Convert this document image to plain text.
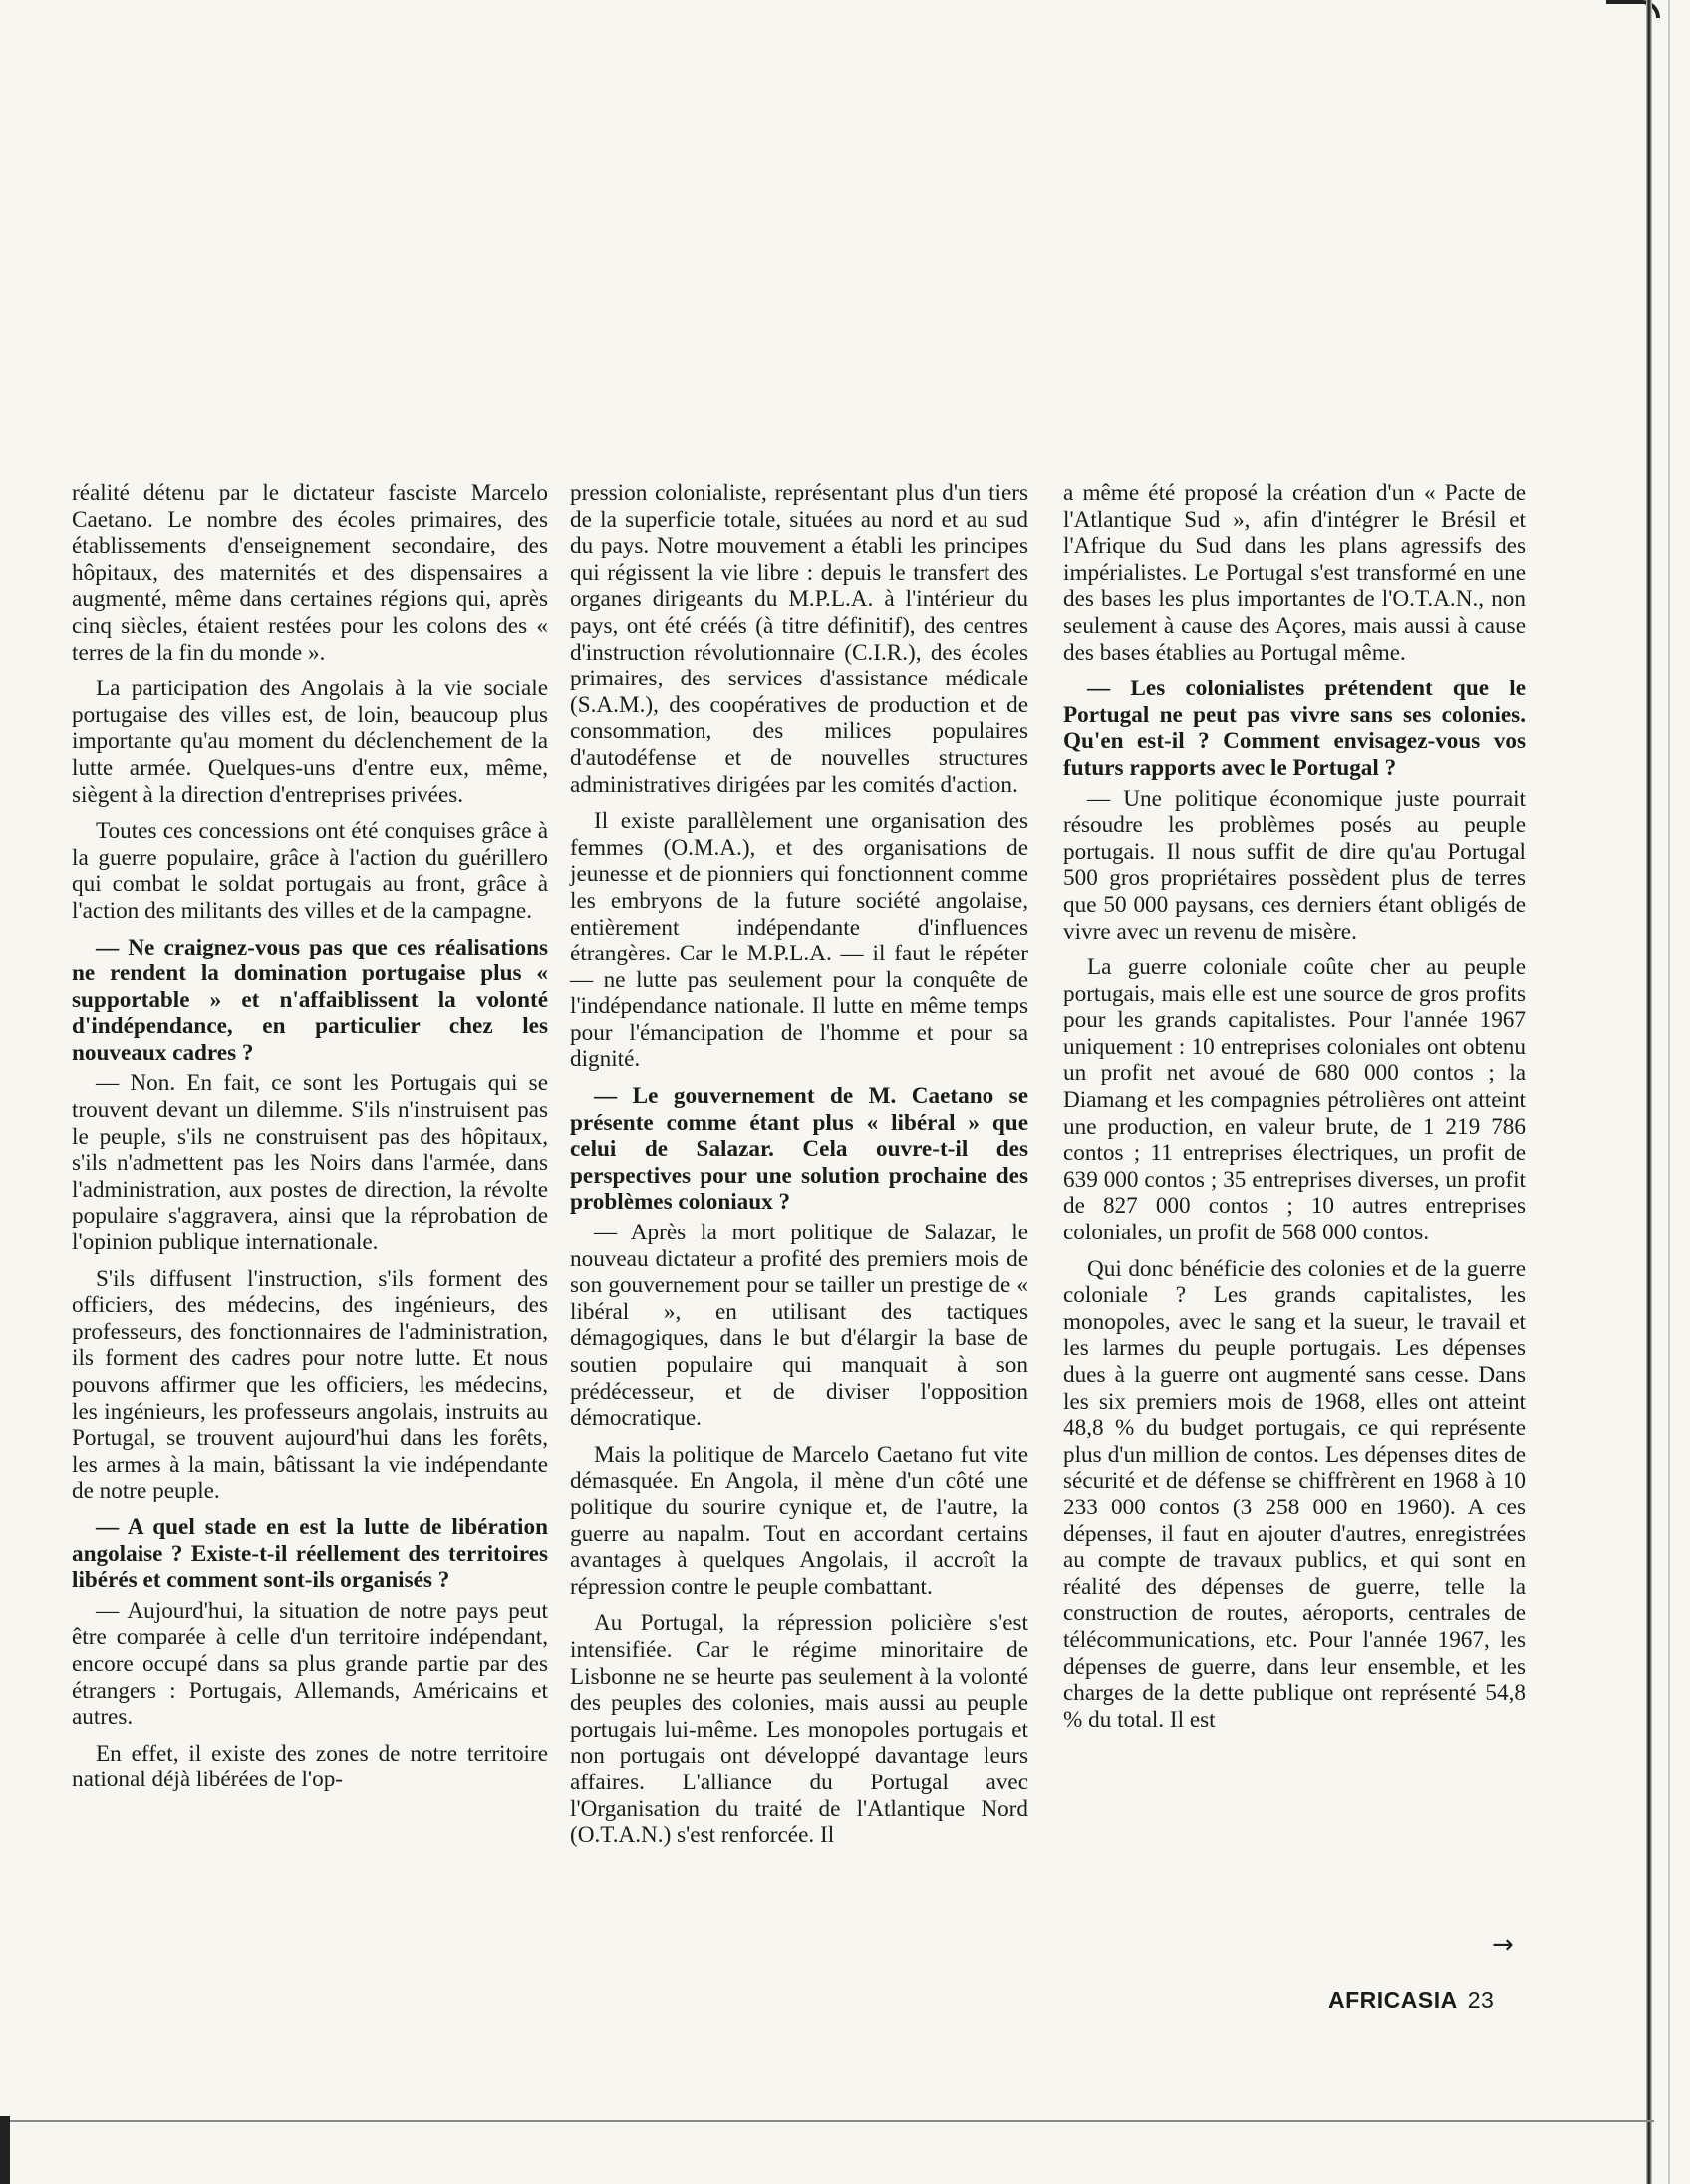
réalité détenu par le dictateur fasciste Marcelo Caetano. Le nombre des écoles primaires, des établissements d'enseignement secondaire, des hôpitaux, des maternités et des dispensaires a augmenté, même dans certaines régions qui, après cinq siècles, étaient restées pour les colons des « terres de la fin du monde ».

La participation des Angolais à la vie sociale portugaise des villes est, de loin, beaucoup plus importante qu'au moment du déclenchement de la lutte armée. Quelques-uns d'entre eux, même, siègent à la direction d'entreprises privées.

Toutes ces concessions ont été conquises grâce à la guerre populaire, grâce à l'action du guérillero qui combat le soldat portugais au front, grâce à l'action des militants des villes et de la campagne.

— Ne craignez-vous pas que ces réalisations ne rendent la domination portugaise plus « supportable » et n'affaiblissent la volonté d'indépendance, en particulier chez les nouveaux cadres ?

— Non. En fait, ce sont les Portugais qui se trouvent devant un dilemme. S'ils n'instruisent pas le peuple, s'ils ne construisent pas des hôpitaux, s'ils n'admettent pas les Noirs dans l'armée, dans l'administration, aux postes de direction, la révolte populaire s'aggravera, ainsi que la réprobation de l'opinion publique internationale.

S'ils diffusent l'instruction, s'ils forment des officiers, des médecins, des ingénieurs, des professeurs, des fonctionnaires de l'administration, ils forment des cadres pour notre lutte. Et nous pouvons affirmer que les officiers, les médecins, les ingénieurs, les professeurs angolais, instruits au Portugal, se trouvent aujourd'hui dans les forêts, les armes à la main, bâtissant la vie indépendante de notre peuple.

— A quel stade en est la lutte de libération angolaise ? Existe-t-il réellement des territoires libérés et comment sont-ils organisés ?

— Aujourd'hui, la situation de notre pays peut être comparée à celle d'un territoire indépendant, encore occupé dans sa plus grande partie par des étrangers : Portugais, Allemands, Américains et autres.

En effet, il existe des zones de notre territoire national déjà libérées de l'op-

pression colonialiste, représentant plus d'un tiers de la superficie totale, situées au nord et au sud du pays. Notre mouvement a établi les principes qui régissent la vie libre : depuis le transfert des organes dirigeants du M.P.L.A. à l'intérieur du pays, ont été créés (à titre définitif), des centres d'instruction révolutionnaire (C.I.R.), des écoles primaires, des services d'assistance médicale (S.A.M.), des coopératives de production et de consommation, des milices populaires d'autodéfense et de nouvelles structures administratives dirigées par les comités d'action.

Il existe parallèlement une organisation des femmes (O.M.A.), et des organisations de jeunesse et de pionniers qui fonctionnent comme les embryons de la future société angolaise, entièrement indépendante d'influences étrangères. Car le M.P.L.A. — il faut le répéter — ne lutte pas seulement pour la conquête de l'indépendance nationale. Il lutte en même temps pour l'émancipation de l'homme et pour sa dignité.

— Le gouvernement de M. Caetano se présente comme étant plus « libéral » que celui de Salazar. Cela ouvre-t-il des perspectives pour une solution prochaine des problèmes coloniaux ?

— Après la mort politique de Salazar, le nouveau dictateur a profité des premiers mois de son gouvernement pour se tailler un prestige de « libéral », en utilisant des tactiques démagogiques, dans le but d'élargir la base de soutien populaire qui manquait à son prédécesseur, et de diviser l'opposition démocratique.

Mais la politique de Marcelo Caetano fut vite démasquée. En Angola, il mène d'un côté une politique du sourire cynique et, de l'autre, la guerre au napalm. Tout en accordant certains avantages à quelques Angolais, il accroît la répression contre le peuple combattant.

Au Portugal, la répression policière s'est intensifiée. Car le régime minoritaire de Lisbonne ne se heurte pas seulement à la volonté des peuples des colonies, mais aussi au peuple portugais lui-même. Les monopoles portugais et non portugais ont développé davantage leurs affaires. L'alliance du Portugal avec l'Organisation du traité de l'Atlantique Nord (O.T.A.N.) s'est renforcée. Il

a même été proposé la création d'un « Pacte de l'Atlantique Sud », afin d'intégrer le Brésil et l'Afrique du Sud dans les plans agressifs des impérialistes. Le Portugal s'est transformé en une des bases les plus importantes de l'O.T.A.N., non seulement à cause des Açores, mais aussi à cause des bases établies au Portugal même.

— Les colonialistes prétendent que le Portugal ne peut pas vivre sans ses colonies. Qu'en est-il ? Comment envisagez-vous vos futurs rapports avec le Portugal ?

— Une politique économique juste pourrait résoudre les problèmes posés au peuple portugais. Il nous suffit de dire qu'au Portugal 500 gros propriétaires possèdent plus de terres que 50 000 paysans, ces derniers étant obligés de vivre avec un revenu de misère.

La guerre coloniale coûte cher au peuple portugais, mais elle est une source de gros profits pour les grands capitalistes. Pour l'année 1967 uniquement : 10 entreprises coloniales ont obtenu un profit net avoué de 680 000 contos ; la Diamang et les compagnies pétrolières ont atteint une production, en valeur brute, de 1 219 786 contos ; 11 entreprises électriques, un profit de 639 000 contos ; 35 entreprises diverses, un profit de 827 000 contos ; 10 autres entreprises coloniales, un profit de 568 000 contos.

Qui donc bénéficie des colonies et de la guerre coloniale ? Les grands capitalistes, les monopoles, avec le sang et la sueur, le travail et les larmes du peuple portugais. Les dépenses dues à la guerre ont augmenté sans cesse. Dans les six premiers mois de 1968, elles ont atteint 48,8 % du budget portugais, ce qui représente plus d'un million de contos. Les dépenses dites de sécurité et de défense se chiffrèrent en 1968 à 10 233 000 contos (3 258 000 en 1960). A ces dépenses, il faut en ajouter d'autres, enregistrées au compte de travaux publics, et qui sont en réalité des dépenses de guerre, telle la construction de routes, aéroports, centrales de télécommunications, etc. Pour l'année 1967, les dépenses de guerre, dans leur ensemble, et les charges de la dette publique ont représenté 54,8 % du total. Il est

→
AFRICASIA 23
